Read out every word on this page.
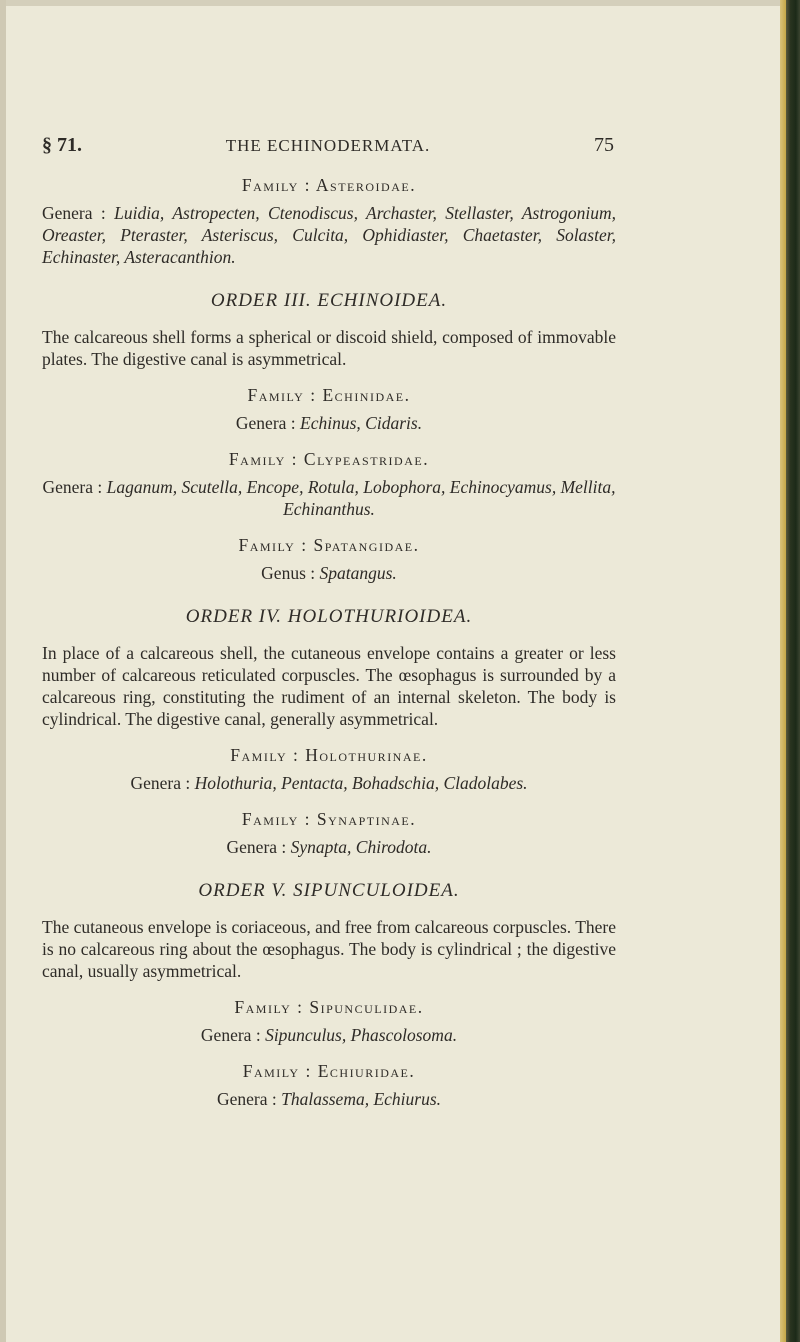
§ 71.	THE ECHINODERMATA.	75

Family : Asteroidae.

Genera : Luidia, Astropecten, Ctenodiscus, Archaster, Stellaster, Astrogonium, Oreaster, Pteraster, Asteriscus, Culcita, Ophidiaster, Chaetaster, Solaster, Echinaster, Asteracanthion.

ORDER III. ECHINOIDEA.

The calcareous shell forms a spherical or discoid shield, composed of immovable plates. The digestive canal is asymmetrical.

Family : Echinidae.

Genera : Echinus, Cidaris.

Family : Clypeastridae.

Genera : Laganum, Scutella, Encope, Rotula, Lobophora, Echinocyamus, Mellita, Echinanthus.

Family : Spatangidae.

Genus : Spatangus.

ORDER IV. HOLOTHURIOIDEA.

In place of a calcareous shell, the cutaneous envelope contains a greater or less number of calcareous reticulated corpuscles. The œsophagus is surrounded by a calcareous ring, constituting the rudiment of an internal skeleton. The body is cylindrical. The digestive canal, generally asymmetrical.

Family : Holothurinae.

Genera : Holothuria, Pentacta, Bohadschia, Cladolabes.

Family : Synaptinae.

Genera : Synapta, Chirodota.

ORDER V. SIPUNCULOIDEA.

The cutaneous envelope is coriaceous, and free from calcareous corpuscles. There is no calcareous ring about the œsophagus. The body is cylindrical ; the digestive canal, usually asymmetrical.

Family : Sipunculidae.

Genera : Sipunculus, Phascolosoma.

Family : Echiuridae.

Genera : Thalassema, Echiurus.
